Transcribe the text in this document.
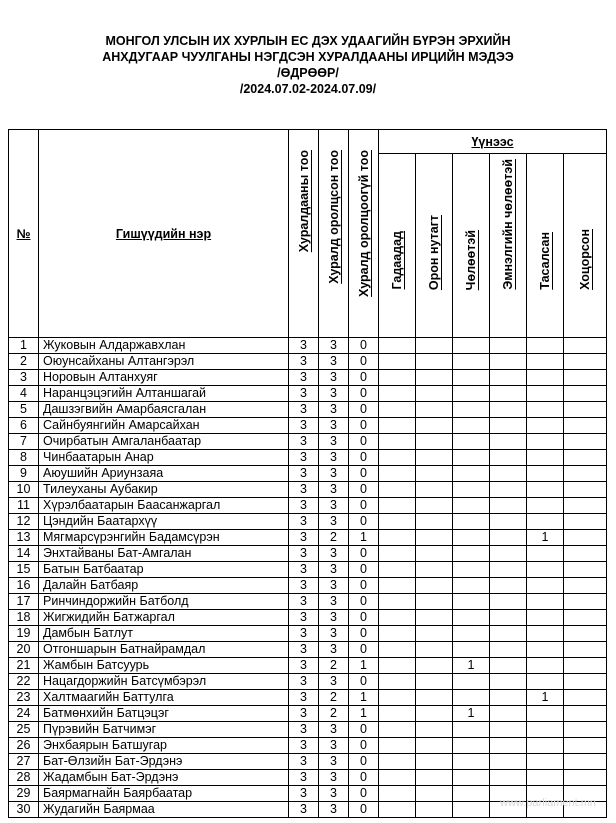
МОНГОЛ УЛСЫН ИХ ХУРЛЫН ЕС ДЭХ УДААГИЙН БҮРЭН ЭРХИЙН
АНХДУГААР ЧУУЛГАНЫ НЭГДСЭН ХУРАЛДААНЫ ИРЦИЙН МЭДЭЭ
/ӨДРӨӨР/
/2024.07.02-2024.07.09/
№	Гишүүдийн нэр	Хуралдааны тоо	Хуралд оролцсон тоо	Хуралд оролцоогүй тоо	Үүнээс					
					Гадаадад	Орон нутагт	Чөлөөтэй	Эмнэлгийн чөлөөтэй	Тасалсан	Хоцорсон
1	Жуковын Алдаржавхлан	3	3	0						
2	Оюунсайханы Алтангэрэл	3	3	0						
3	Норовын Алтанхуяг	3	3	0						
4	Наранцэцэгийн Алтаншагай	3	3	0						
5	Дашзэгвийн Амарбаясгалан	3	3	0						
6	Сайнбуянгийн Амарсайхан	3	3	0						
7	Очирбатын Амгаланбаатар	3	3	0						
8	Чинбаатарын Анар	3	3	0						
9	Аюушийн Ариунзаяа	3	3	0						
10	Тилеуханы Аубакир	3	3	0						
11	Хүрэлбаатарын Баасанжаргал	3	3	0						
12	Цэндийн Баатархүү	3	3	0						
13	Мягмарсүрэнгийн Бадамсүрэн	3	2	1					1	
14	Энхтайваны Бат-Амгалан	3	3	0						
15	Батын Батбаатар	3	3	0						
16	Далайн Батбаяр	3	3	0						
17	Ринчиндоржийн Батболд	3	3	0						
18	Жигжидийн Батжаргал	3	3	0						
19	Дамбын Батлут	3	3	0						
20	Отгоншарын Батнайрамдал	3	3	0						
21	Жамбын Батсуурь	3	2	1			1			
22	Нацагдоржийн Батсүмбэрэл	3	3	0						
23	Халтмаагийн Баттулга	3	2	1					1	
24	Батмөнхийн Батцэцэг	3	2	1			1			
25	Пүрэвийн Батчимэг	3	3	0						
26	Энхбаярын Батшугар	3	3	0						
27	Бат-Өлзийн Бат-Эрдэнэ	3	3	0						
28	Жадамбын Бат-Эрдэнэ	3	3	0						
29	Баярмагнайн Баярбаатар	3	3	0						
30	Жудагийн Баярмаа	3	3	0							www.parliament.mn
